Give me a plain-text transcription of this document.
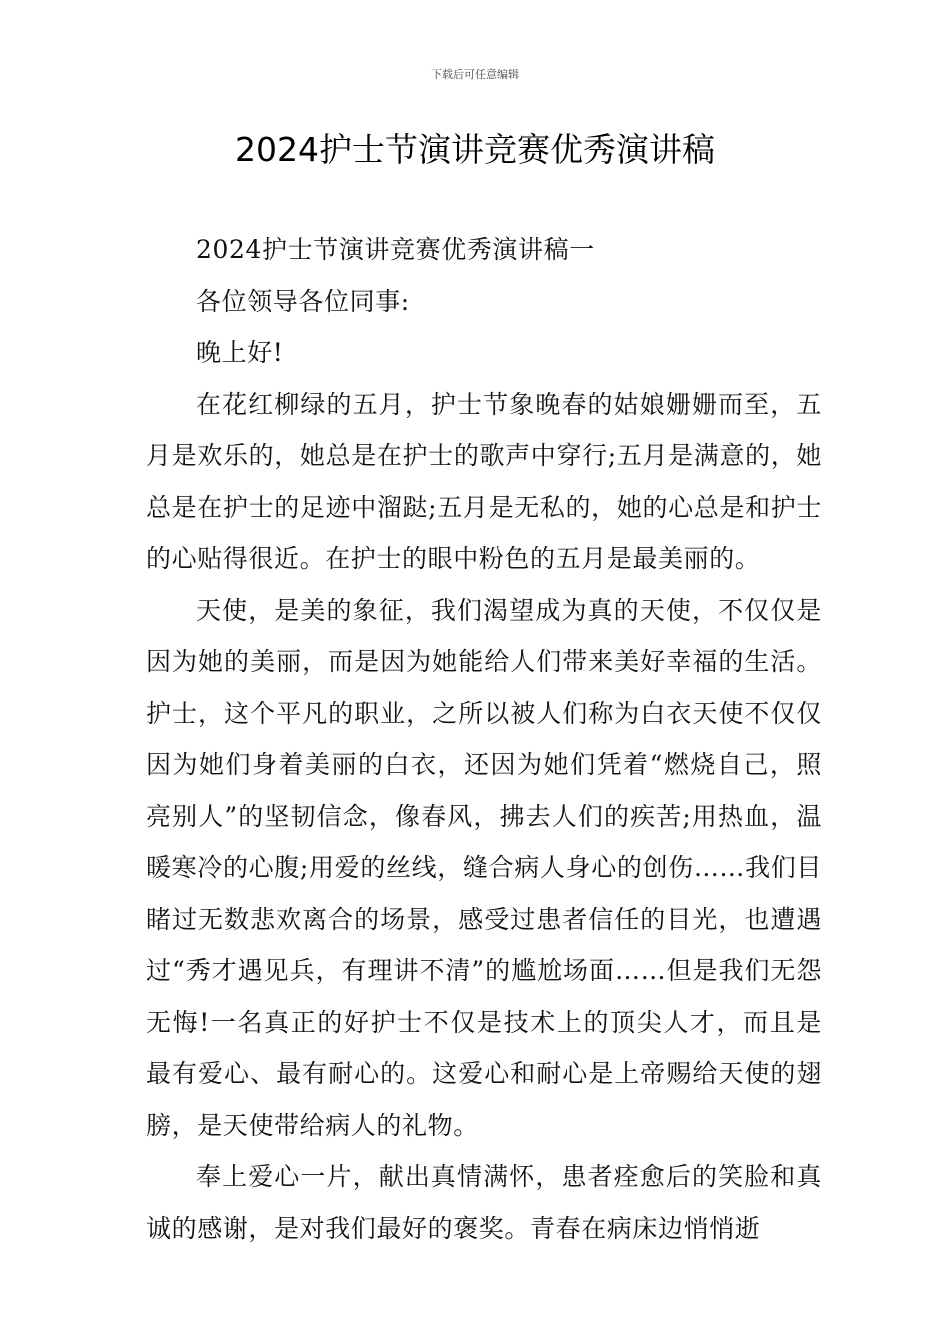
下载后可任意编辑
2024护士节演讲竞赛优秀演讲稿

2024护士节演讲竞赛优秀演讲稿一

各位领导各位同事:

晚上好!

在花红柳绿的五月，护士节象晚春的姑娘姗姗而至，五月是欢乐的，她总是在护士的歌声中穿行;五月是满意的，她总是在护士的足迹中溜跶;五月是无私的，她的心总是和护士的心贴得很近。在护士的眼中粉色的五月是最美丽的。

天使，是美的象征，我们渴望成为真的天使，不仅仅是因为她的美丽，而是因为她能给人们带来美好幸福的生活。护士，这个平凡的职业，之所以被人们称为白衣天使不仅仅因为她们身着美丽的白衣，还因为她们凭着“燃烧自己，照亮别人”的坚韧信念，像春风，拂去人们的疾苦;用热血，温暖寒冷的心腹;用爱的丝线，缝合病人身心的创伤……我们目睹过无数悲欢离合的场景，感受过患者信任的目光，也遭遇过“秀才遇见兵，有理讲不清”的尴尬场面……但是我们无怨无悔!一名真正的好护士不仅是技术上的顶尖人才，而且是最有爱心、最有耐心的。这爱心和耐心是上帝赐给天使的翅膀，是天使带给病人的礼物。

奉上爱心一片，献出真情满怀，患者痊愈后的笑脸和真诚的感谢，是对我们最好的褒奖。青春在病床边悄悄逝
